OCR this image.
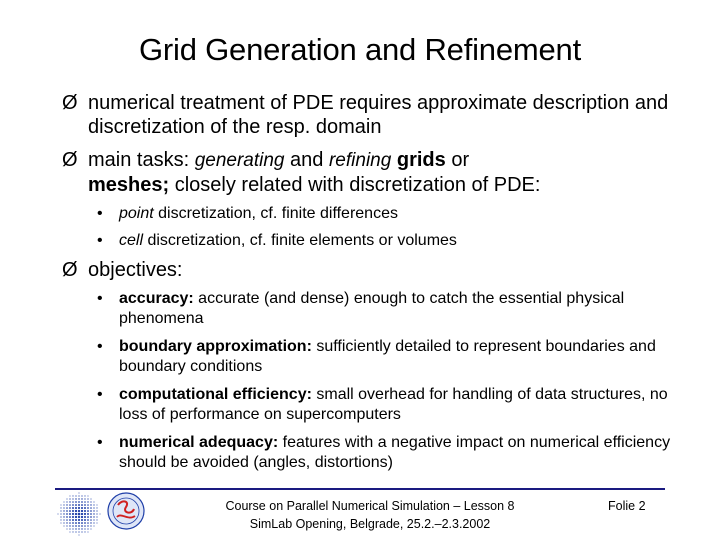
Grid Generation and Refinement
Ø numerical treatment of PDE requires approximate description and discretization of the resp. domain
Ø main tasks: generating and refining grids or
meshes; closely related with discretization of PDE:
•	point discretization, cf. finite differences
•	cell discretization, cf. finite elements or volumes
Ø objectives:
•	accuracy: accurate (and dense) enough to catch the essential physical phenomena
•	boundary approximation: sufficiently detailed to represent boundaries and boundary conditions
•	computational efficiency: small overhead for handling of data structures, no loss of performance on supercomputers
•	numerical adequacy: features with a negative impact on numerical efficiency should be avoided (angles, distortions)
Course on Parallel Numerical Simulation – Lesson 8
SimLab Opening, Belgrade, 25.2.–2.3.2002
Folie 2
